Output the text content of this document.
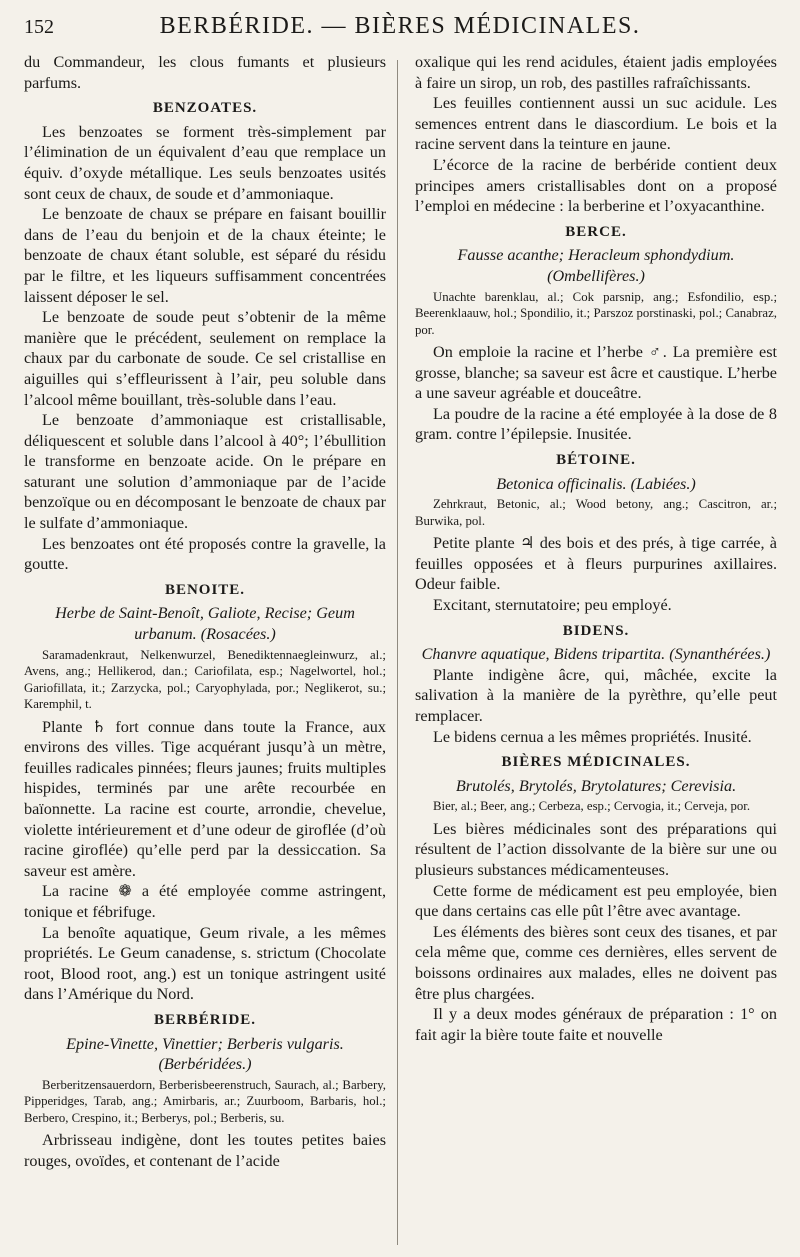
152	BERBÉRIDE. — BIÈRES MÉDICINALES.

du Commandeur, les clous fumants et plusieurs parfums.

BENZOATES.

Les benzoates se forment très-simplement par l’élimination de un équivalent d’eau que remplace un équiv. d’oxyde métallique. Les seuls benzoates usités sont ceux de chaux, de soude et d’ammoniaque.

Le benzoate de chaux se prépare en faisant bouillir dans de l’eau du benjoin et de la chaux éteinte; le benzoate de chaux étant soluble, est séparé du résidu par le filtre, et les liqueurs suffisamment concentrées laissent déposer le sel.

Le benzoate de soude peut s’obtenir de la même manière que le précédent, seulement on remplace la chaux par du carbonate de soude. Ce sel cristallise en aiguilles qui s’effleurissent à l’air, peu soluble dans l’alcool même bouillant, très-soluble dans l’eau.

Le benzoate d’ammoniaque est cristallisable, déliquescent et soluble dans l’alcool à 40°; l’ébullition le transforme en benzoate acide. On le prépare en saturant une solution d’ammoniaque par de l’acide benzoïque ou en décomposant le benzoate de chaux par le sulfate d’ammoniaque.

Les benzoates ont été proposés contre la gravelle, la goutte.

BENOITE.

Herbe de Saint-Benoît, Galiote, Recise; Geum urbanum. (Rosacées.)

Saramadenkraut, Nelkenwurzel, Benediktennaegleinwurz, al.; Avens, ang.; Hellikerod, dan.; Cariofilata, esp.; Nagelwortel, hol.; Gariofillata, it.; Zarzycka, pol.; Caryophylada, por.; Neglikerot, su.; Karemphil, t.

Plante ♄ fort connue dans toute la France, aux environs des villes. Tige acquérant jusqu’à un mètre, feuilles radicales pinnées; fleurs jaunes; fruits multiples hispides, terminés par une arête recourbée en baïonnette. La racine est courte, arrondie, chevelue, violette intérieurement et d’une odeur de giroflée (d’où racine giroflée) qu’elle perd par la dessiccation. Sa saveur est amère.

La racine ❁ a été employée comme astringent, tonique et fébrifuge.

La benoîte aquatique, Geum rivale, a les mêmes propriétés. Le Geum canadense, s. strictum (Chocolate root, Blood root, ang.) est un tonique astringent usité dans l’Amérique du Nord.

BERBÉRIDE.

Epine-Vinette, Vinettier; Berberis vulgaris. (Berbéridées.)

Berberitzensauerdorn, Berberisbeerenstruch, Saurach, al.; Barbery, Pipperidges, Tarab, ang.; Amirbaris, ar.; Zuurboom, Barbaris, hol.; Berbero, Crespino, it.; Berberys, pol.; Berberis, su.

Arbrisseau indigène, dont les toutes petites baies rouges, ovoïdes, et contenant de l’acide

oxalique qui les rend acidules, étaient jadis employées à faire un sirop, un rob, des pastilles rafraîchissants.

Les feuilles contiennent aussi un suc acidule. Les semences entrent dans le diascordium. Le bois et la racine servent dans la teinture en jaune.

L’écorce de la racine de berbéride contient deux principes amers cristallisables dont on a proposé l’emploi en médecine : la berberine et l’oxyacanthine.

BERCE.

Fausse acanthe; Heracleum sphondydium. (Ombellifères.)

Unachte barenklau, al.; Cok parsnip, ang.; Esfondilio, esp.; Beerenklaauw, hol.; Spondilio, it.; Parszoz porstinaski, pol.; Canabraz, por.

On emploie la racine et l’herbe ♂. La première est grosse, blanche; sa saveur est âcre et caustique. L’herbe a une saveur agréable et douceâtre.

La poudre de la racine a été employée à la dose de 8 gram. contre l’épilepsie. Inusitée.

BÉTOINE.

Betonica officinalis. (Labiées.)

Zehrkraut, Betonic, al.; Wood betony, ang.; Cascitron, ar.; Burwika, pol.

Petite plante ♃ des bois et des prés, à tige carrée, à feuilles opposées et à fleurs purpurines axillaires. Odeur faible.

Excitant, sternutatoire; peu employé.

BIDENS.

Chanvre aquatique, Bidens tripartita. (Synanthérées.)

Plante indigène âcre, qui, mâchée, excite la salivation à la manière de la pyrèthre, qu’elle peut remplacer.

Le bidens cernua a les mêmes propriétés. Inusité.

BIÈRES MÉDICINALES.

Brutolés, Brytolés, Brytolatures; Cerevisia.

Bier, al.; Beer, ang.; Cerbeza, esp.; Cervogia, it.; Cerveja, por.

Les bières médicinales sont des préparations qui résultent de l’action dissolvante de la bière sur une ou plusieurs substances médicamenteuses.

Cette forme de médicament est peu employée, bien que dans certains cas elle pût l’être avec avantage.

Les éléments des bières sont ceux des tisanes, et par cela même que, comme ces dernières, elles servent de boissons ordinaires aux malades, elles ne doivent pas être plus chargées.

Il y a deux modes généraux de préparation : 1° on fait agir la bière toute faite et nouvelle
